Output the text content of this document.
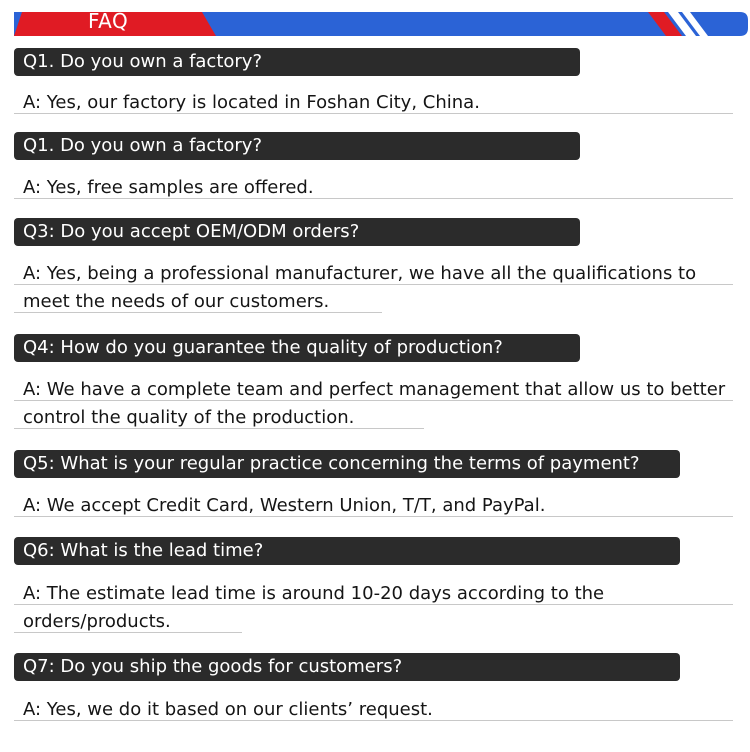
FAQ
Q1. Do you own a factory?
A: Yes, our factory is located in Foshan City, China.
Q1. Do you own a factory?
A: Yes, free samples are offered.
Q3: Do you accept OEM/ODM orders?
A: Yes, being a professional manufacturer, we have all the qualifications to
meet the needs of our customers.
Q4: How do you guarantee the quality of production?
A: We have a complete team and perfect management that allow us to better
control the quality of the production.
Q5: What is your regular practice concerning the terms of payment?
A: We accept Credit Card, Western Union, T/T, and PayPal.
Q6: What is the lead time?
A: The estimate lead time is around 10-20 days according to the
orders/products.
Q7: Do you ship the goods for customers?
A: Yes, we do it based on our clients’ request.
